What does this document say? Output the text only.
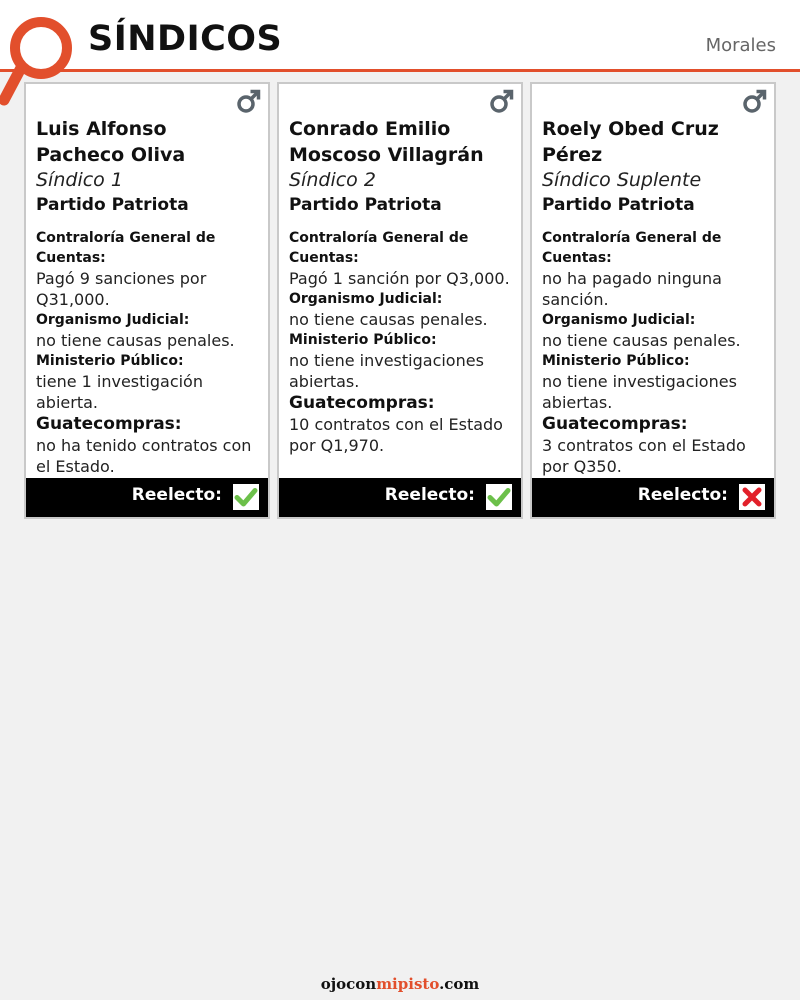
SÍNDICOS	Morales
Luis Alfonso
Pacheco Oliva
Síndico 1
Partido Patriota
Contraloría General de Cuentas:
Pagó 9 sanciones por Q31,000.
Organismo Judicial:
no tiene causas penales.
Ministerio Público:
tiene 1 investigación abierta.
Guatecompras:
no ha tenido contratos con el Estado.
Reelecto:
Conrado Emilio
Moscoso Villagrán
Síndico 2
Partido Patriota
Contraloría General de Cuentas:
Pagó 1 sanción por Q3,000.
Organismo Judicial:
no tiene causas penales.
Ministerio Público:
no tiene investigaciones abiertas.
Guatecompras:
10 contratos con el Estado por Q1,970.
Reelecto:
Roely Obed Cruz Pérez
Síndico Suplente
Partido Patriota
Contraloría General de Cuentas:
no ha pagado ninguna sanción.
Organismo Judicial:
no tiene causas penales.
Ministerio Público:
no tiene investigaciones abiertas.
Guatecompras:
3 contratos con el Estado por Q350.
Reelecto:
ojoconmipisto.com
